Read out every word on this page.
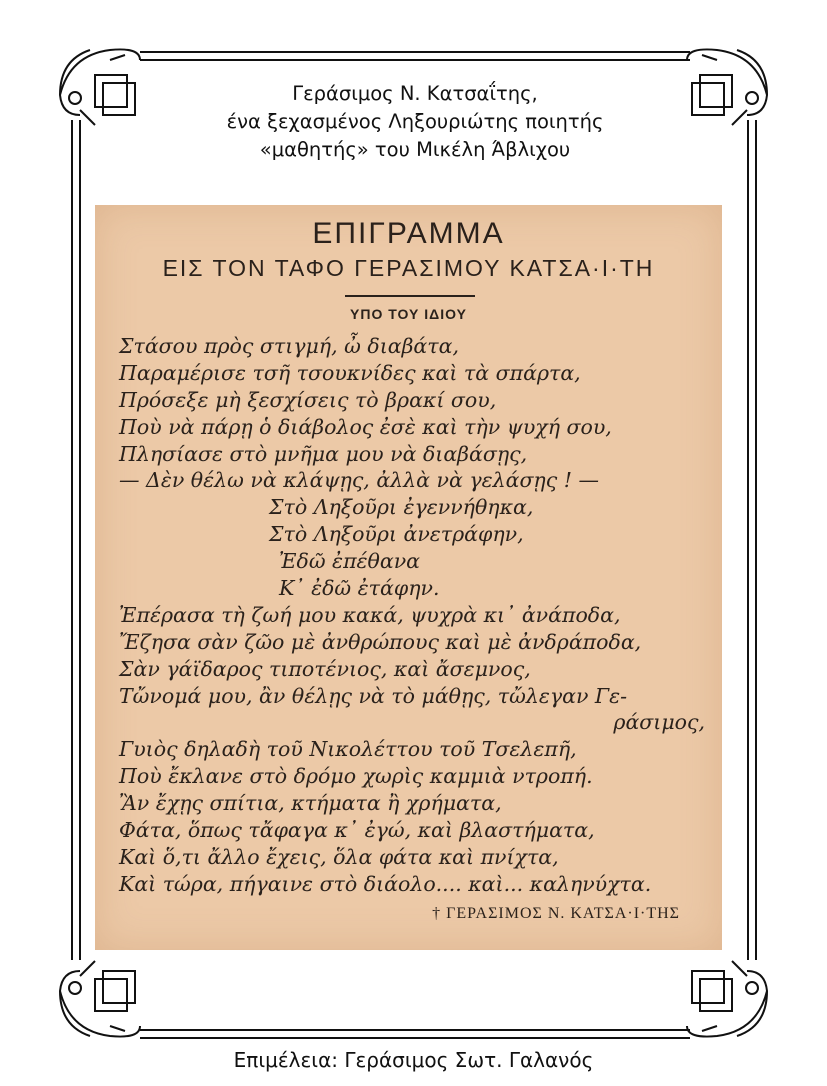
Γεράσιμος Ν. Κατσαΐτης,
ένα ξεχασμένος Ληξουριώτης ποιητής
«μαθητής» του Μικέλη Άβλιχου
ΕΠΙΓΡΑΜΜΑ
ΕΙΣ ΤΟΝ ΤΑΦΟ ΓΕΡΑΣΙΜΟΥ ΚΑΤΣΑ·Ι·ΤΗ
ΥΠΟ ΤΟΥ ΙΔΙΟΥ
Στάσου πρὸς στιγμή, ὦ διαβάτα,
Παραμέρισε τσῆ τσουκνίδες καὶ τὰ σπάρτα,
Πρόσεξε μὴ ξεσχίσεις τὸ βρακί σου,
Ποὺ νὰ πάρῃ ὁ διάβολος ἐσὲ καὶ τὴν ψυχή σου,
Πλησίασε στὸ μνῆμα μου νὰ διαβάσῃς,
— Δὲν θέλω νὰ κλάψῃς, ἀλλὰ νὰ γελάσῃς ! —
Στὸ Ληξοῦρι ἐγεννήθηκα,
Στὸ Ληξοῦρι ἀνετράφην,
Ἐδῶ ἐπέθανα
Κ᾽ ἐδῶ ἐτάφην.
Ἐπέρασα τὴ ζωή μου κακά, ψυχρὰ κι᾽ ἀνάποδα,
Ἔζησα σὰν ζῶο μὲ ἀνθρώπους καὶ μὲ ἀνδράποδα,
Σὰν γάϊδαρος τιποτένιος, καὶ ἄσεμνος,
Τὤνομά μου, ἂν θέλῃς νὰ τὸ μάθῃς, τὤλεγαν Γε-
ράσιμος,
Γυιὸς δηλαδὴ τοῦ Νικολέττου τοῦ Τσελεπῆ,
Ποὺ ἔκλανε στὸ δρόμο χωρὶς καμμιὰ ντροπή.
Ἂν ἔχῃς σπίτια, κτήματα ἢ χρήματα,
Φάτα, ὅπως τἄφαγα κ᾽ ἐγώ, καὶ βλαστήματα,
Καὶ ὅ,τι ἄλλο ἔχεις, ὅλα φάτα καὶ πνίχτα,
Καὶ τώρα, πήγαινε στὸ διάολο.... καὶ... καληνύχτα.
† ΓΕΡΑΣΙΜΟΣ Ν. ΚΑΤΣΑ·Ι·ΤΗΣ
Επιμέλεια: Γεράσιμος Σωτ. Γαλανός
